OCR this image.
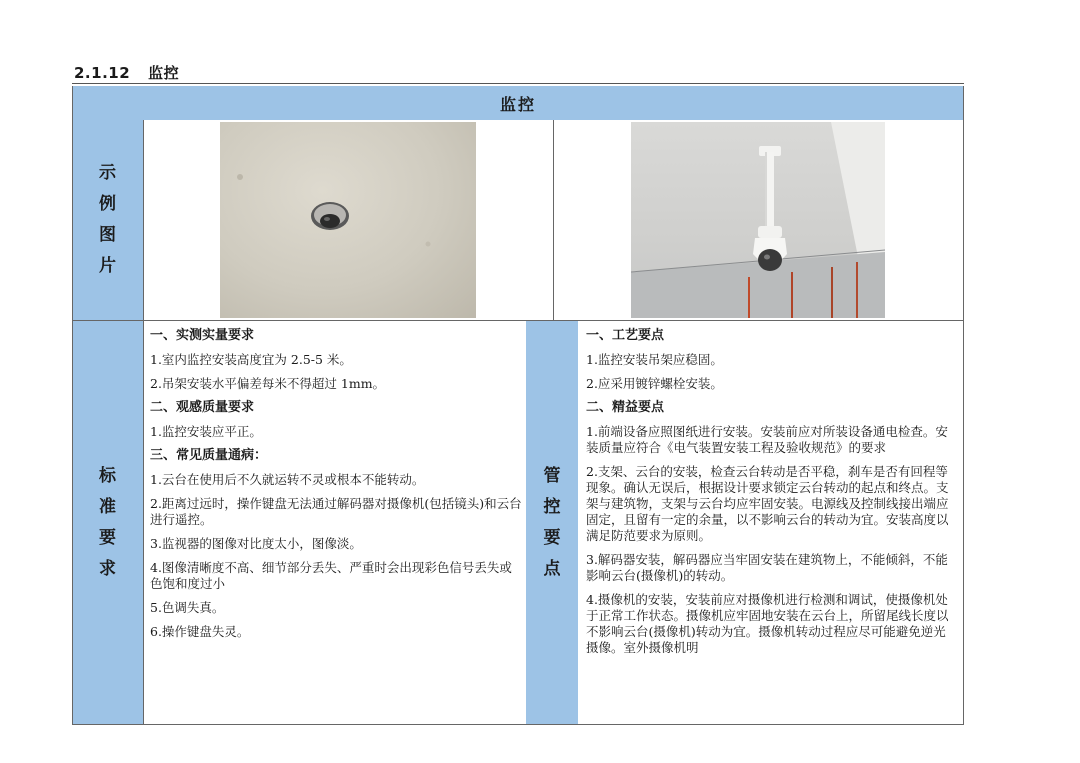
2.1.12 监控
监控
示
例
图
片
标
准
要
求
管
控
要
点
一、实测实量要求
1.室内监控安装高度宜为 2.5-5 米。
2.吊架安装水平偏差每米不得超过 1mm。
二、观感质量要求
1.监控安装应平正。
三、常见质量通病：
1.云台在使用后不久就运转不灵或根本不能转动。
2.距离过远时，操作键盘无法通过解码器对摄像机(包括镜头)和云台进行遥控。
3.监视器的图像对比度太小，图像淡。
4.图像清晰度不高、细节部分丢失、严重时会出现彩色信号丢失或色饱和度过小
5.色调失真。
6.操作键盘失灵。
一、工艺要点
1.监控安装吊架应稳固。
2.应采用镀锌螺栓安装。
二、精益要点
1.前端设备应照图纸进行安装。安装前应对所装设备通电检查。安装质量应符合《电气装置安装工程及验收规范》的要求
2.支架、云台的安装，检查云台转动是否平稳，刹车是否有回程等现象。确认无误后，根据设计要求锁定云台转动的起点和终点。支架与建筑物，支架与云台均应牢固安装。电源线及控制线接出端应固定，且留有一定的余量，以不影响云台的转动为宜。安装高度以满足防范要求为原则。
3.解码器安装，解码器应当牢固安装在建筑物上，不能倾斜，不能影响云台(摄像机)的转动。
4.摄像机的安装，安装前应对摄像机进行检测和调试，使摄像机处于正常工作状态。摄像机应牢固地安装在云台上，所留尾线长度以不影响云台(摄像机)转动为宜。摄像机转动过程应尽可能避免逆光摄像。室外摄像机明
